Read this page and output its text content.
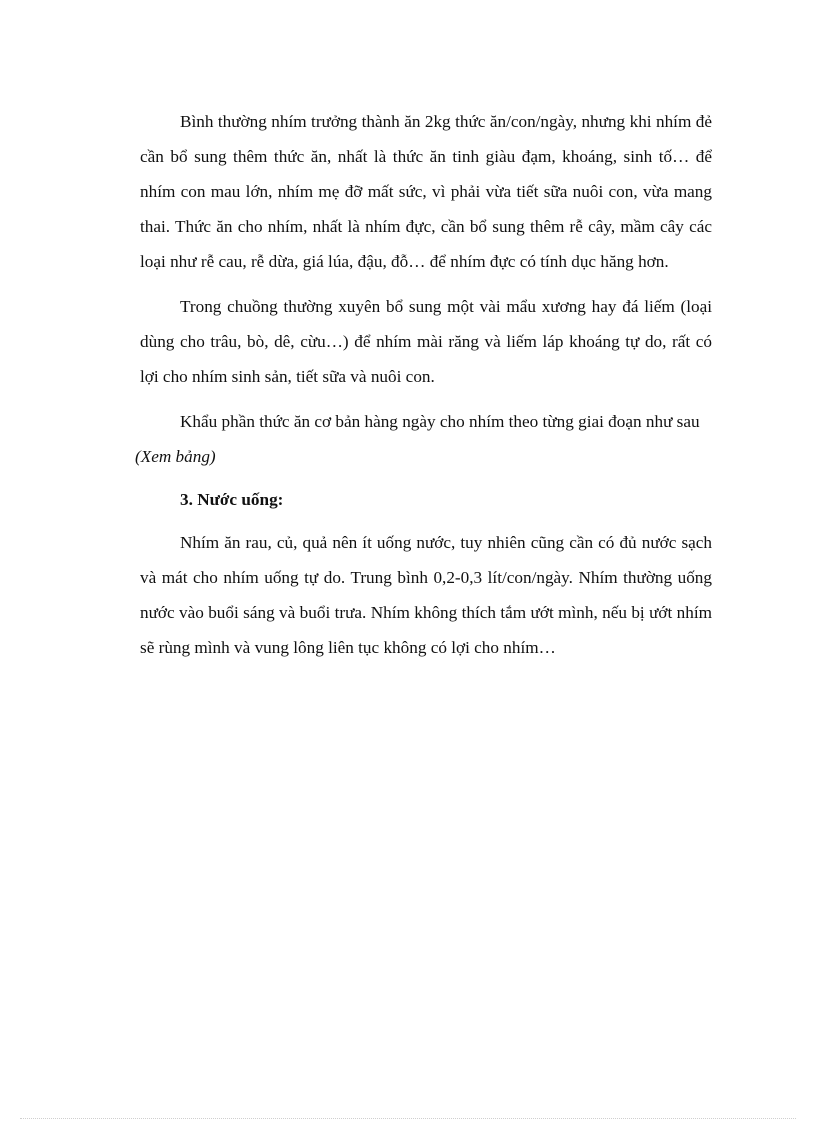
Bình thường nhím trưởng thành ăn 2kg thức ăn/con/ngày, nhưng khi nhím đẻ cần bổ sung thêm thức ăn, nhất là thức ăn tinh giàu đạm, khoáng, sinh tố… để nhím con mau lớn, nhím mẹ đỡ mất sức, vì phải vừa tiết sữa nuôi con, vừa mang thai. Thức ăn cho nhím, nhất là nhím đực, cần bổ sung thêm rễ cây, mầm cây các loại như rễ cau, rễ dừa, giá lúa, đậu, đỗ… để nhím đực có tính dục hăng hơn.

Trong chuồng thường xuyên bổ sung một vài mẩu xương hay đá liếm (loại dùng cho trâu, bò, dê, cừu…) để nhím mài răng và liếm láp khoáng tự do, rất có lợi cho nhím sinh sản, tiết sữa và nuôi con.

Khẩu phần thức ăn cơ bản hàng ngày cho nhím theo từng giai đoạn như sau

(Xem bảng)

3. Nước uống:

Nhím ăn rau, củ, quả nên ít uống nước, tuy nhiên cũng cần có đủ nước sạch và mát cho nhím uống tự do. Trung bình 0,2-0,3 lít/con/ngày. Nhím thường uống nước vào buổi sáng và buổi trưa. Nhím không thích tắm ướt mình, nếu bị ướt nhím sẽ rùng mình và vung lông liên tục không có lợi cho nhím…
